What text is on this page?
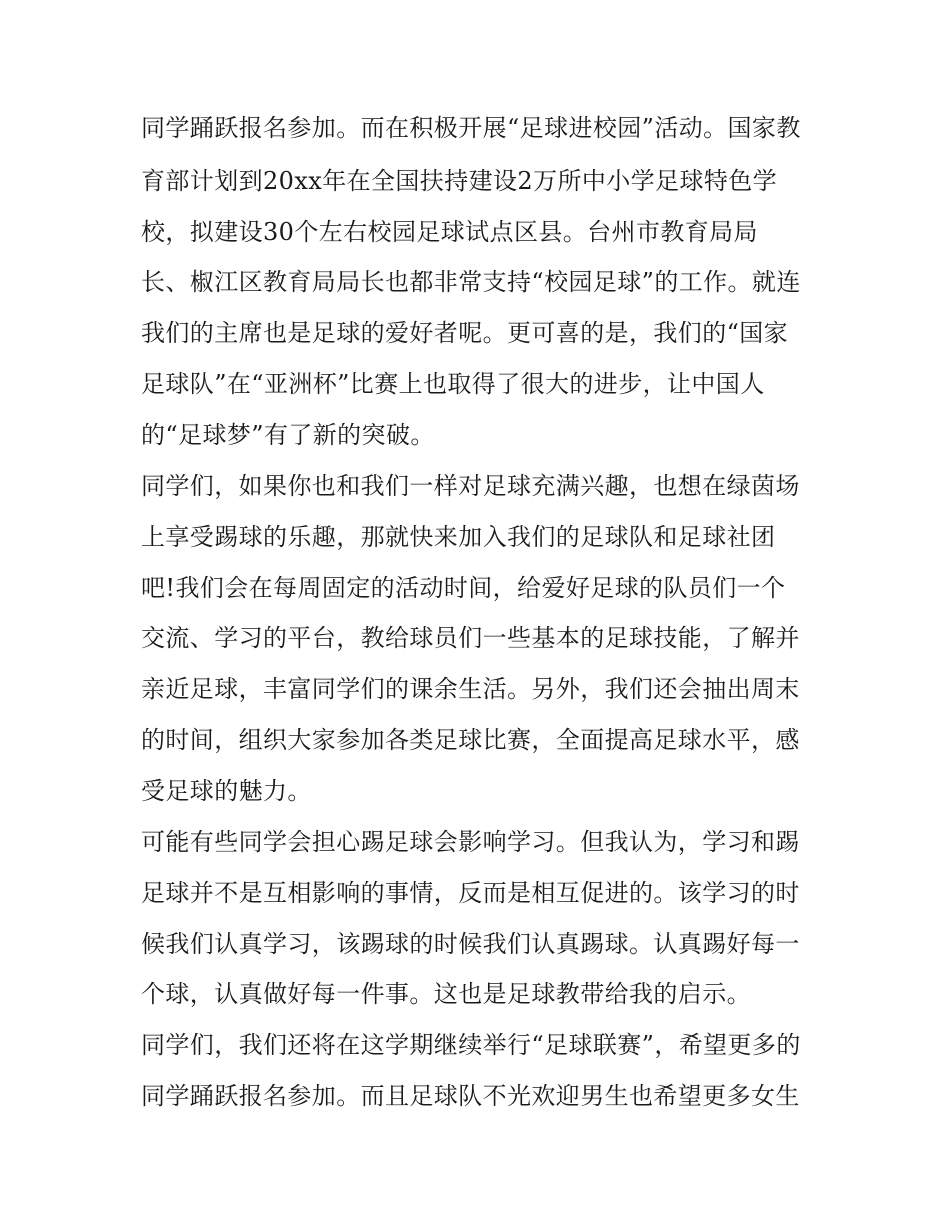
同学踊跃报名参加。而在积极开展“足球进校园”活动。国家教
育部计划到20xx年在全国扶持建设2万所中小学足球特色学
校，拟建设30个左右校园足球试点区县。台州市教育局局
长、椒江区教育局局长也都非常支持“校园足球”的工作。就连
我们的主席也是足球的爱好者呢。更可喜的是，我们的“国家
足球队”在“亚洲杯”比赛上也取得了很大的进步，让中国人
的“足球梦”有了新的突破。
同学们，如果你也和我们一样对足球充满兴趣，也想在绿茵场
上享受踢球的乐趣，那就快来加入我们的足球队和足球社团
吧!我们会在每周固定的活动时间，给爱好足球的队员们一个
交流、学习的平台，教给球员们一些基本的足球技能，了解并
亲近足球，丰富同学们的课余生活。另外，我们还会抽出周末
的时间，组织大家参加各类足球比赛，全面提高足球水平，感
受足球的魅力。
可能有些同学会担心踢足球会影响学习。但我认为，学习和踢
足球并不是互相影响的事情，反而是相互促进的。该学习的时
候我们认真学习，该踢球的时候我们认真踢球。认真踢好每一
个球，认真做好每一件事。这也是足球教带给我的启示。
同学们，我们还将在这学期继续举行“足球联赛”，希望更多的
同学踊跃报名参加。而且足球队不光欢迎男生也希望更多女生
